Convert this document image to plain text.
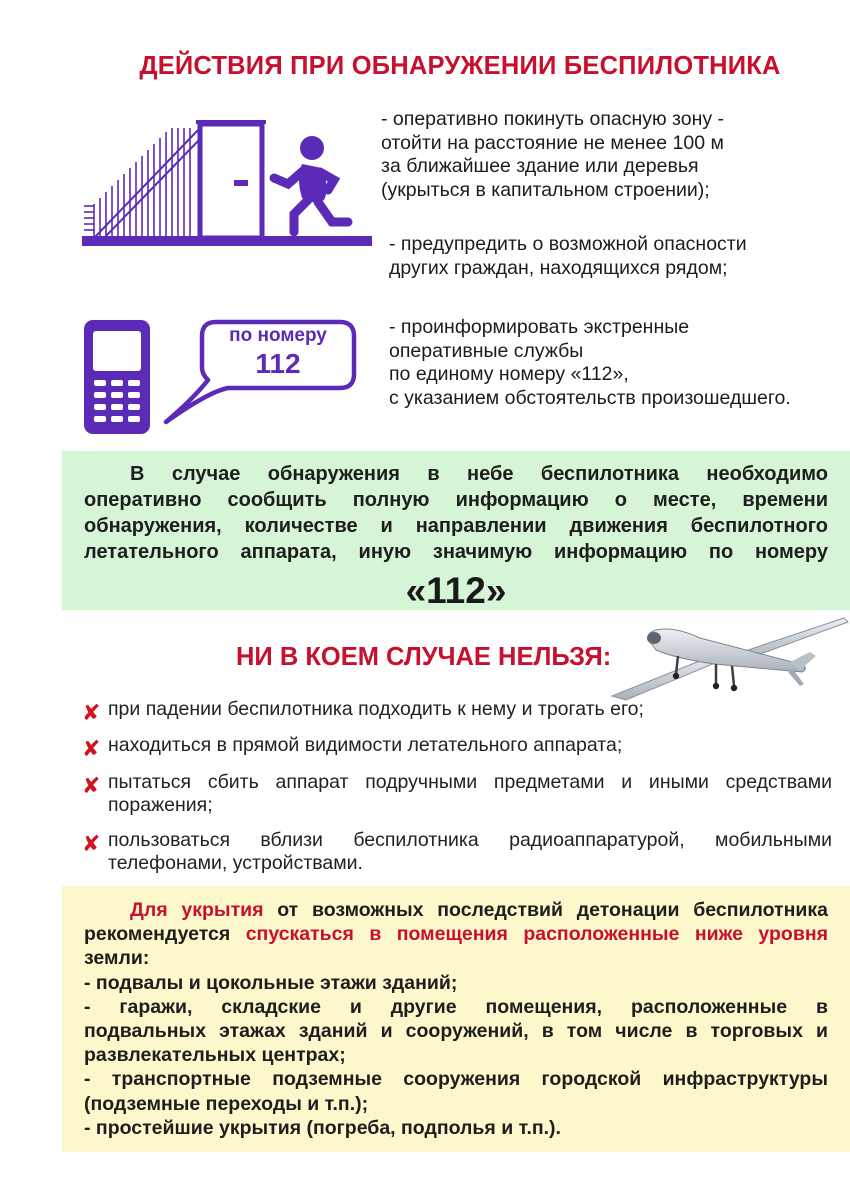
ДЕЙСТВИЯ ПРИ ОБНАРУЖЕНИИ БЕСПИЛОТНИКА
- оперативно покинуть опасную зону -
отойти на расстояние не менее 100 м
за ближайшее здание или деревья
(укрыться в капитальном строении);
- предупредить о возможной опасности
других граждан, находящихся рядом;
- проинформировать экстренные
оперативные службы
по единому номеру «112»,
с указанием обстоятельств произошедшего.
по номеру
112
В случае обнаружения в небе беспилотника необходимо
оперативно сообщить полную информацию о месте, времени
обнаружения, количестве и направлении движения беспилотного
летательного аппарата, иную значимую информацию по номеру
«112»
НИ В КОЕМ СЛУЧАЕ НЕЛЬЗЯ:
✘ при падении беспилотника подходить к нему и трогать его;
✘ находиться в прямой видимости летательного аппарата;
✘ пытаться сбить аппарат подручными предметами и иными средствами поражения;
✘ пользоваться вблизи беспилотника радиоаппаратурой, мобильными телефонами, устройствами.
Для укрытия от возможных последствий детонации беспилотника
рекомендуется спускаться в помещения расположенные ниже уровня
земли:
- подвалы и цокольные этажи зданий;
- гаражи, складские и другие помещения, расположенные в
подвальных этажах зданий и сооружений, в том числе в торговых и
развлекательных центрах;
- транспортные подземные сооружения городской инфраструктуры
(подземные переходы и т.п.);
- простейшие укрытия (погреба, подполья и т.п.).
